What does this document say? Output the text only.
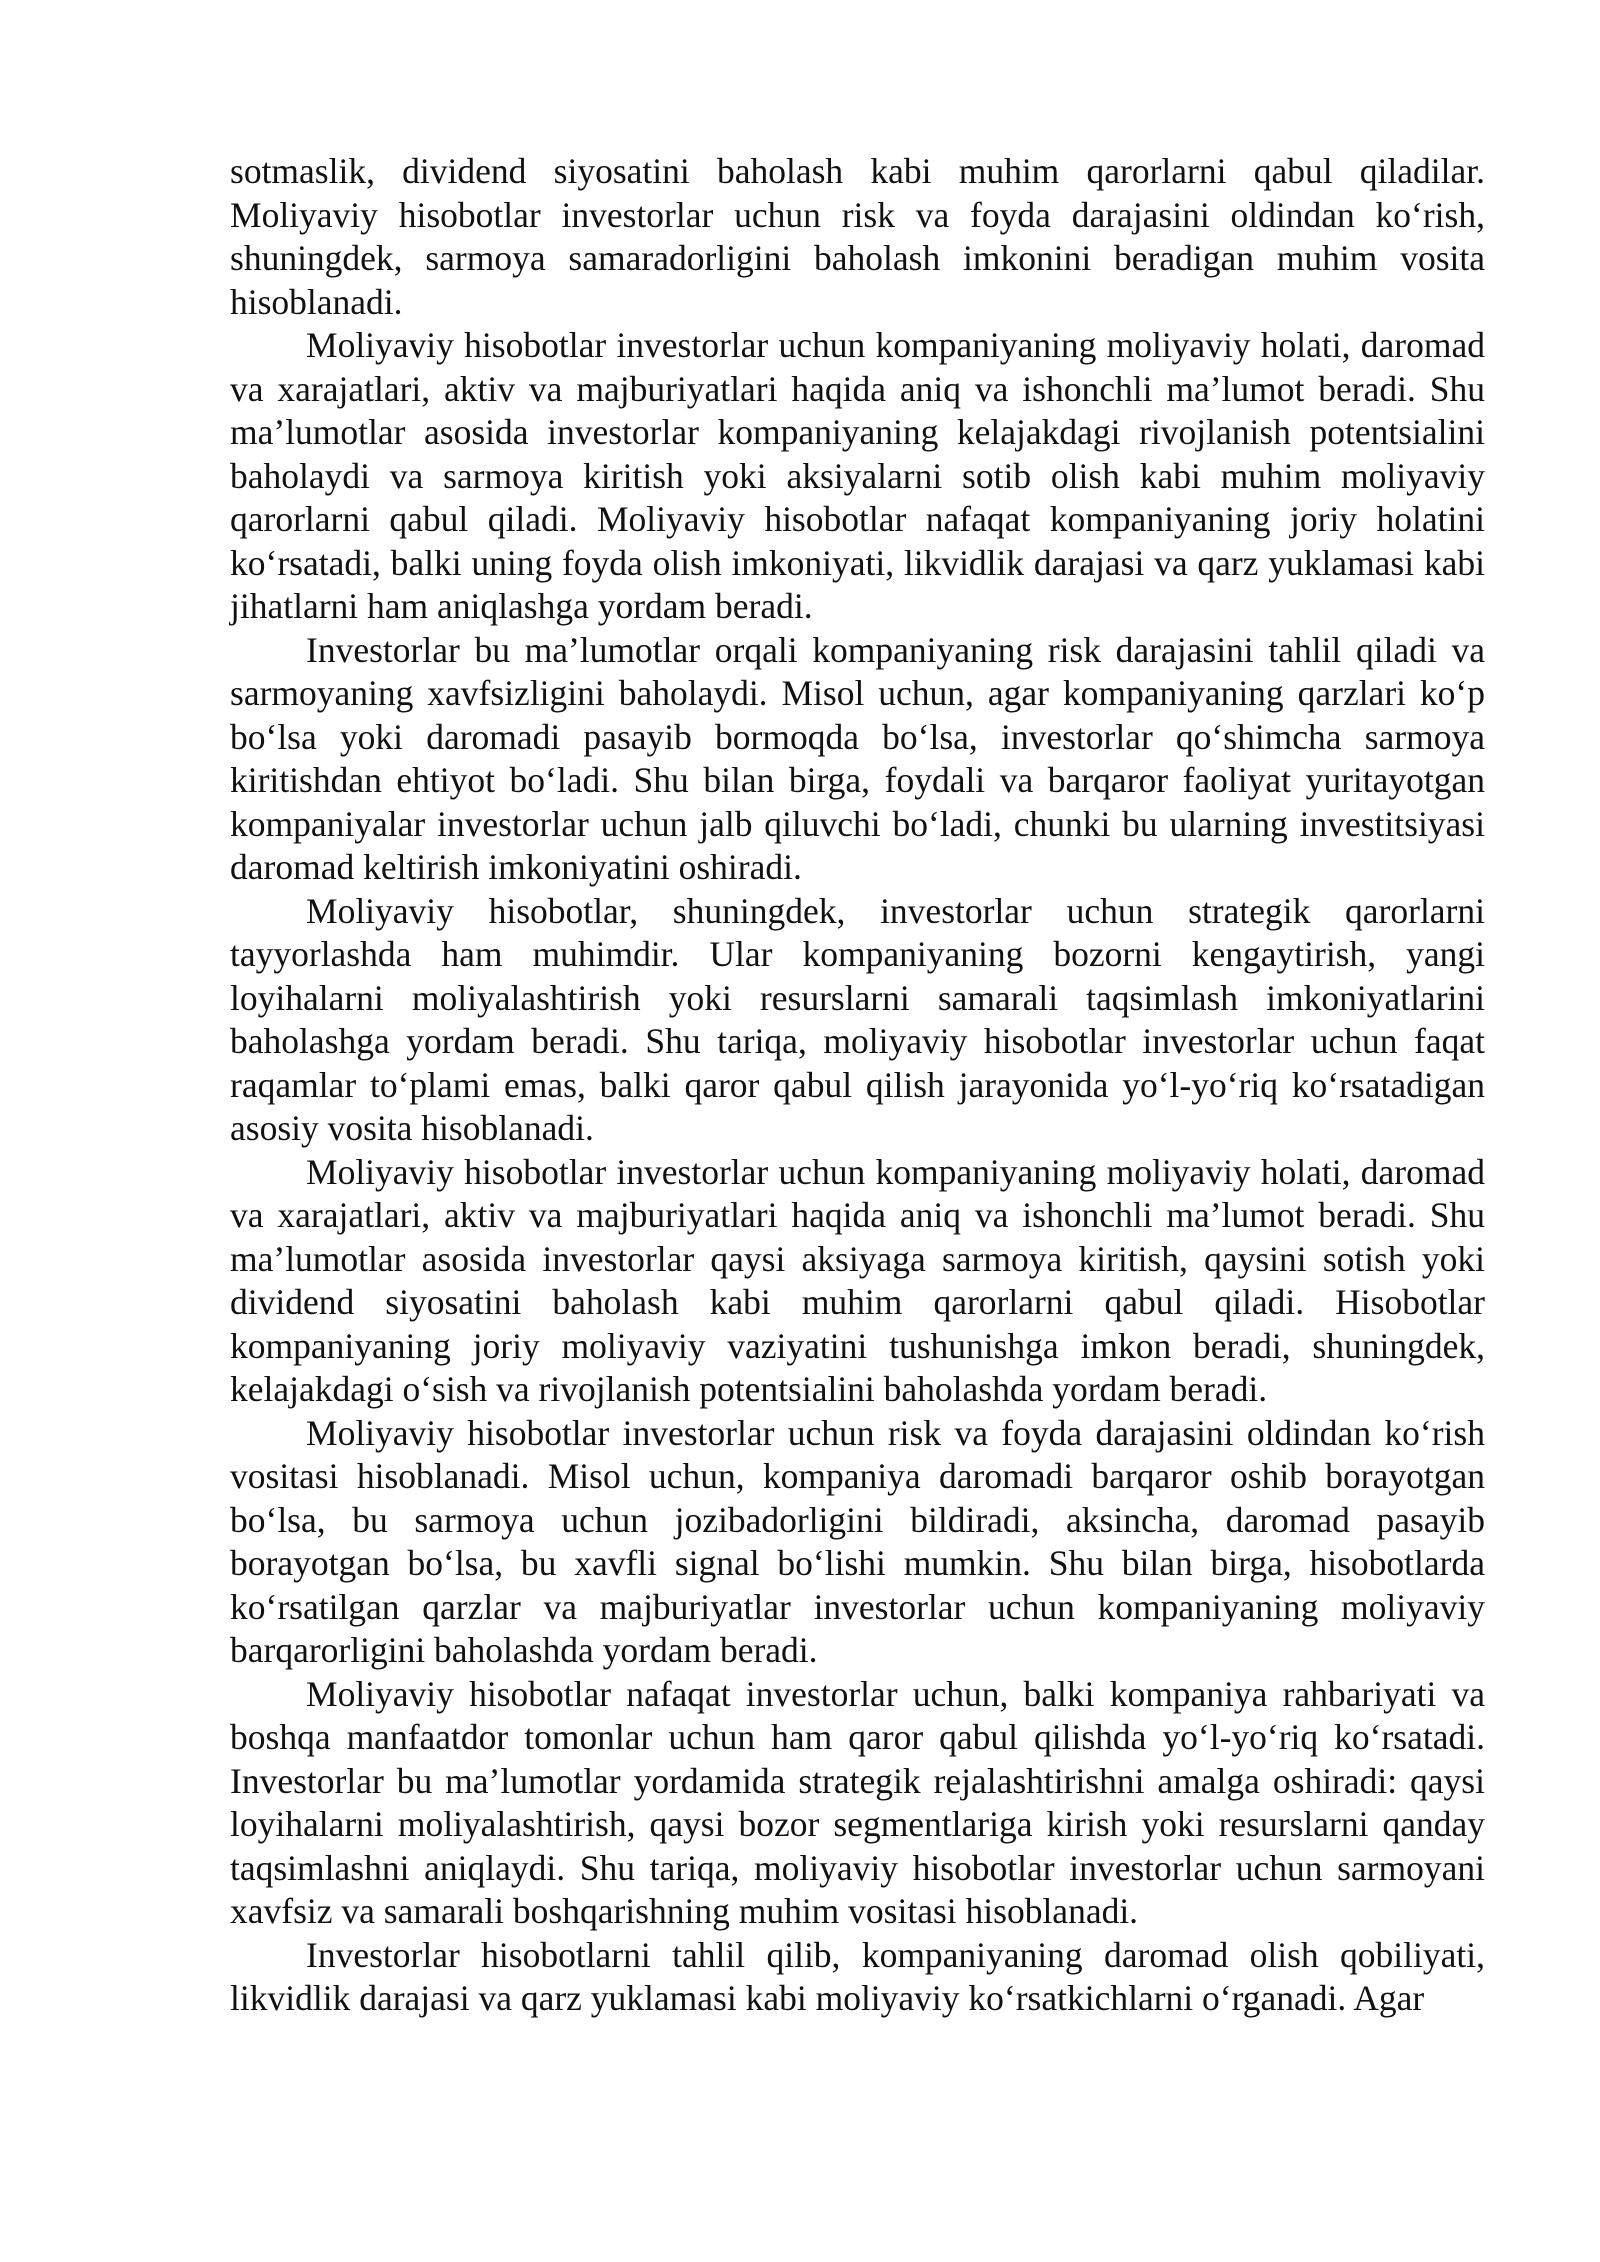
sotmaslik, dividend siyosatini baholash kabi muhim qarorlarni qabul qiladilar. Moliyaviy hisobotlar investorlar uchun risk va foyda darajasini oldindan ko‘rish, shuningdek, sarmoya samaradorligini baholash imkonini beradigan muhim vosita hisoblanadi.

Moliyaviy hisobotlar investorlar uchun kompaniyaning moliyaviy holati, daromad va xarajatlari, aktiv va majburiyatlari haqida aniq va ishonchli ma’lumot beradi. Shu ma’lumotlar asosida investorlar kompaniyaning kelajakdagi rivojlanish potentsialini baholaydi va sarmoya kiritish yoki aksiyalarni sotib olish kabi muhim moliyaviy qarorlarni qabul qiladi. Moliyaviy hisobotlar nafaqat kompaniyaning joriy holatini ko‘rsatadi, balki uning foyda olish imkoniyati, likvidlik darajasi va qarz yuklamasi kabi jihatlarni ham aniqlashga yordam beradi.

Investorlar bu ma’lumotlar orqali kompaniyaning risk darajasini tahlil qiladi va sarmoyaning xavfsizligini baholaydi. Misol uchun, agar kompaniyaning qarzlari ko‘p bo‘lsa yoki daromadi pasayib bormoqda bo‘lsa, investorlar qo‘shimcha sarmoya kiritishdan ehtiyot bo‘ladi. Shu bilan birga, foydali va barqaror faoliyat yuritayotgan kompaniyalar investorlar uchun jalb qiluvchi bo‘ladi, chunki bu ularning investitsiyasi daromad keltirish imkoniyatini oshiradi.

Moliyaviy hisobotlar, shuningdek, investorlar uchun strategik qarorlarni tayyorlashda ham muhimdir. Ular kompaniyaning bozorni kengaytirish, yangi loyihalarni moliyalashtirish yoki resurslarni samarali taqsimlash imkoniyatlarini baholashga yordam beradi. Shu tariqa, moliyaviy hisobotlar investorlar uchun faqat raqamlar to‘plami emas, balki qaror qabul qilish jarayonida yo‘l-yo‘riq ko‘rsatadigan asosiy vosita hisoblanadi.

Moliyaviy hisobotlar investorlar uchun kompaniyaning moliyaviy holati, daromad va xarajatlari, aktiv va majburiyatlari haqida aniq va ishonchli ma’lumot beradi. Shu ma’lumotlar asosida investorlar qaysi aksiyaga sarmoya kiritish, qaysini sotish yoki dividend siyosatini baholash kabi muhim qarorlarni qabul qiladi. Hisobotlar kompaniyaning joriy moliyaviy vaziyatini tushunishga imkon beradi, shuningdek, kelajakdagi o‘sish va rivojlanish potentsialini baholashda yordam beradi.

Moliyaviy hisobotlar investorlar uchun risk va foyda darajasini oldindan ko‘rish vositasi hisoblanadi. Misol uchun, kompaniya daromadi barqaror oshib borayotgan bo‘lsa, bu sarmoya uchun jozibadorligini bildiradi, aksincha, daromad pasayib borayotgan bo‘lsa, bu xavfli signal bo‘lishi mumkin. Shu bilan birga, hisobotlarda ko‘rsatilgan qarzlar va majburiyatlar investorlar uchun kompaniyaning moliyaviy barqarorligini baholashda yordam beradi.

Moliyaviy hisobotlar nafaqat investorlar uchun, balki kompaniya rahbariyati va boshqa manfaatdor tomonlar uchun ham qaror qabul qilishda yo‘l-yo‘riq ko‘rsatadi. Investorlar bu ma’lumotlar yordamida strategik rejalashtirishni amalga oshiradi: qaysi loyihalarni moliyalashtirish, qaysi bozor segmentlariga kirish yoki resurslarni qanday taqsimlashni aniqlaydi. Shu tariqa, moliyaviy hisobotlar investorlar uchun sarmoyani xavfsiz va samarali boshqarishning muhim vositasi hisoblanadi.

Investorlar hisobotlarni tahlil qilib, kompaniyaning daromad olish qobiliyati, likvidlik darajasi va qarz yuklamasi kabi moliyaviy ko‘rsatkichlarni o‘rganadi. Agar
